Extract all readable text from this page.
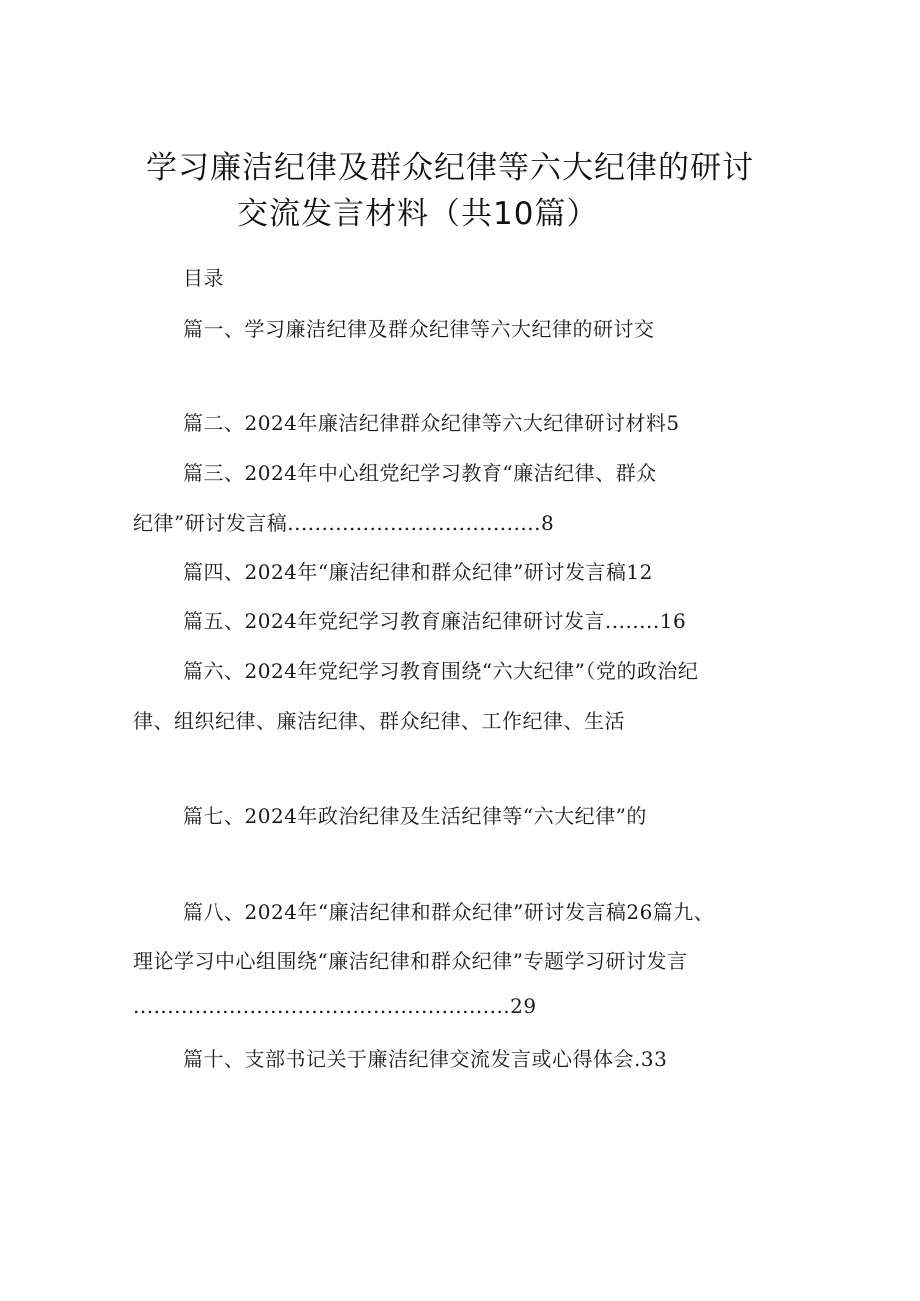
学习廉洁纪律及群众纪律等六大纪律的研讨
交流发言材料（共10篇）
目录
篇一、学习廉洁纪律及群众纪律等六大纪律的研讨交
篇二、2024年廉洁纪律群众纪律等六大纪律研讨材料5
篇三、2024年中心组党纪学习教育“廉洁纪律、群众
纪律”研讨发言稿.....................................8
篇四、2024年“廉洁纪律和群众纪律”研讨发言稿12
篇五、2024年党纪学习教育廉洁纪律研讨发言........16
篇六、2024年党纪学习教育围绕“六大纪律”（党的政治纪
律、组织纪律、廉洁纪律、群众纪律、工作纪律、生活
篇七、2024年政治纪律及生活纪律等“六大纪律”的
篇八、2024年“廉洁纪律和群众纪律”研讨发言稿26篇九、
理论学习中心组围绕“廉洁纪律和群众纪律”专题学习研讨发言
.......................................................29
篇十、支部书记关于廉洁纪律交流发言或心得体会.33
